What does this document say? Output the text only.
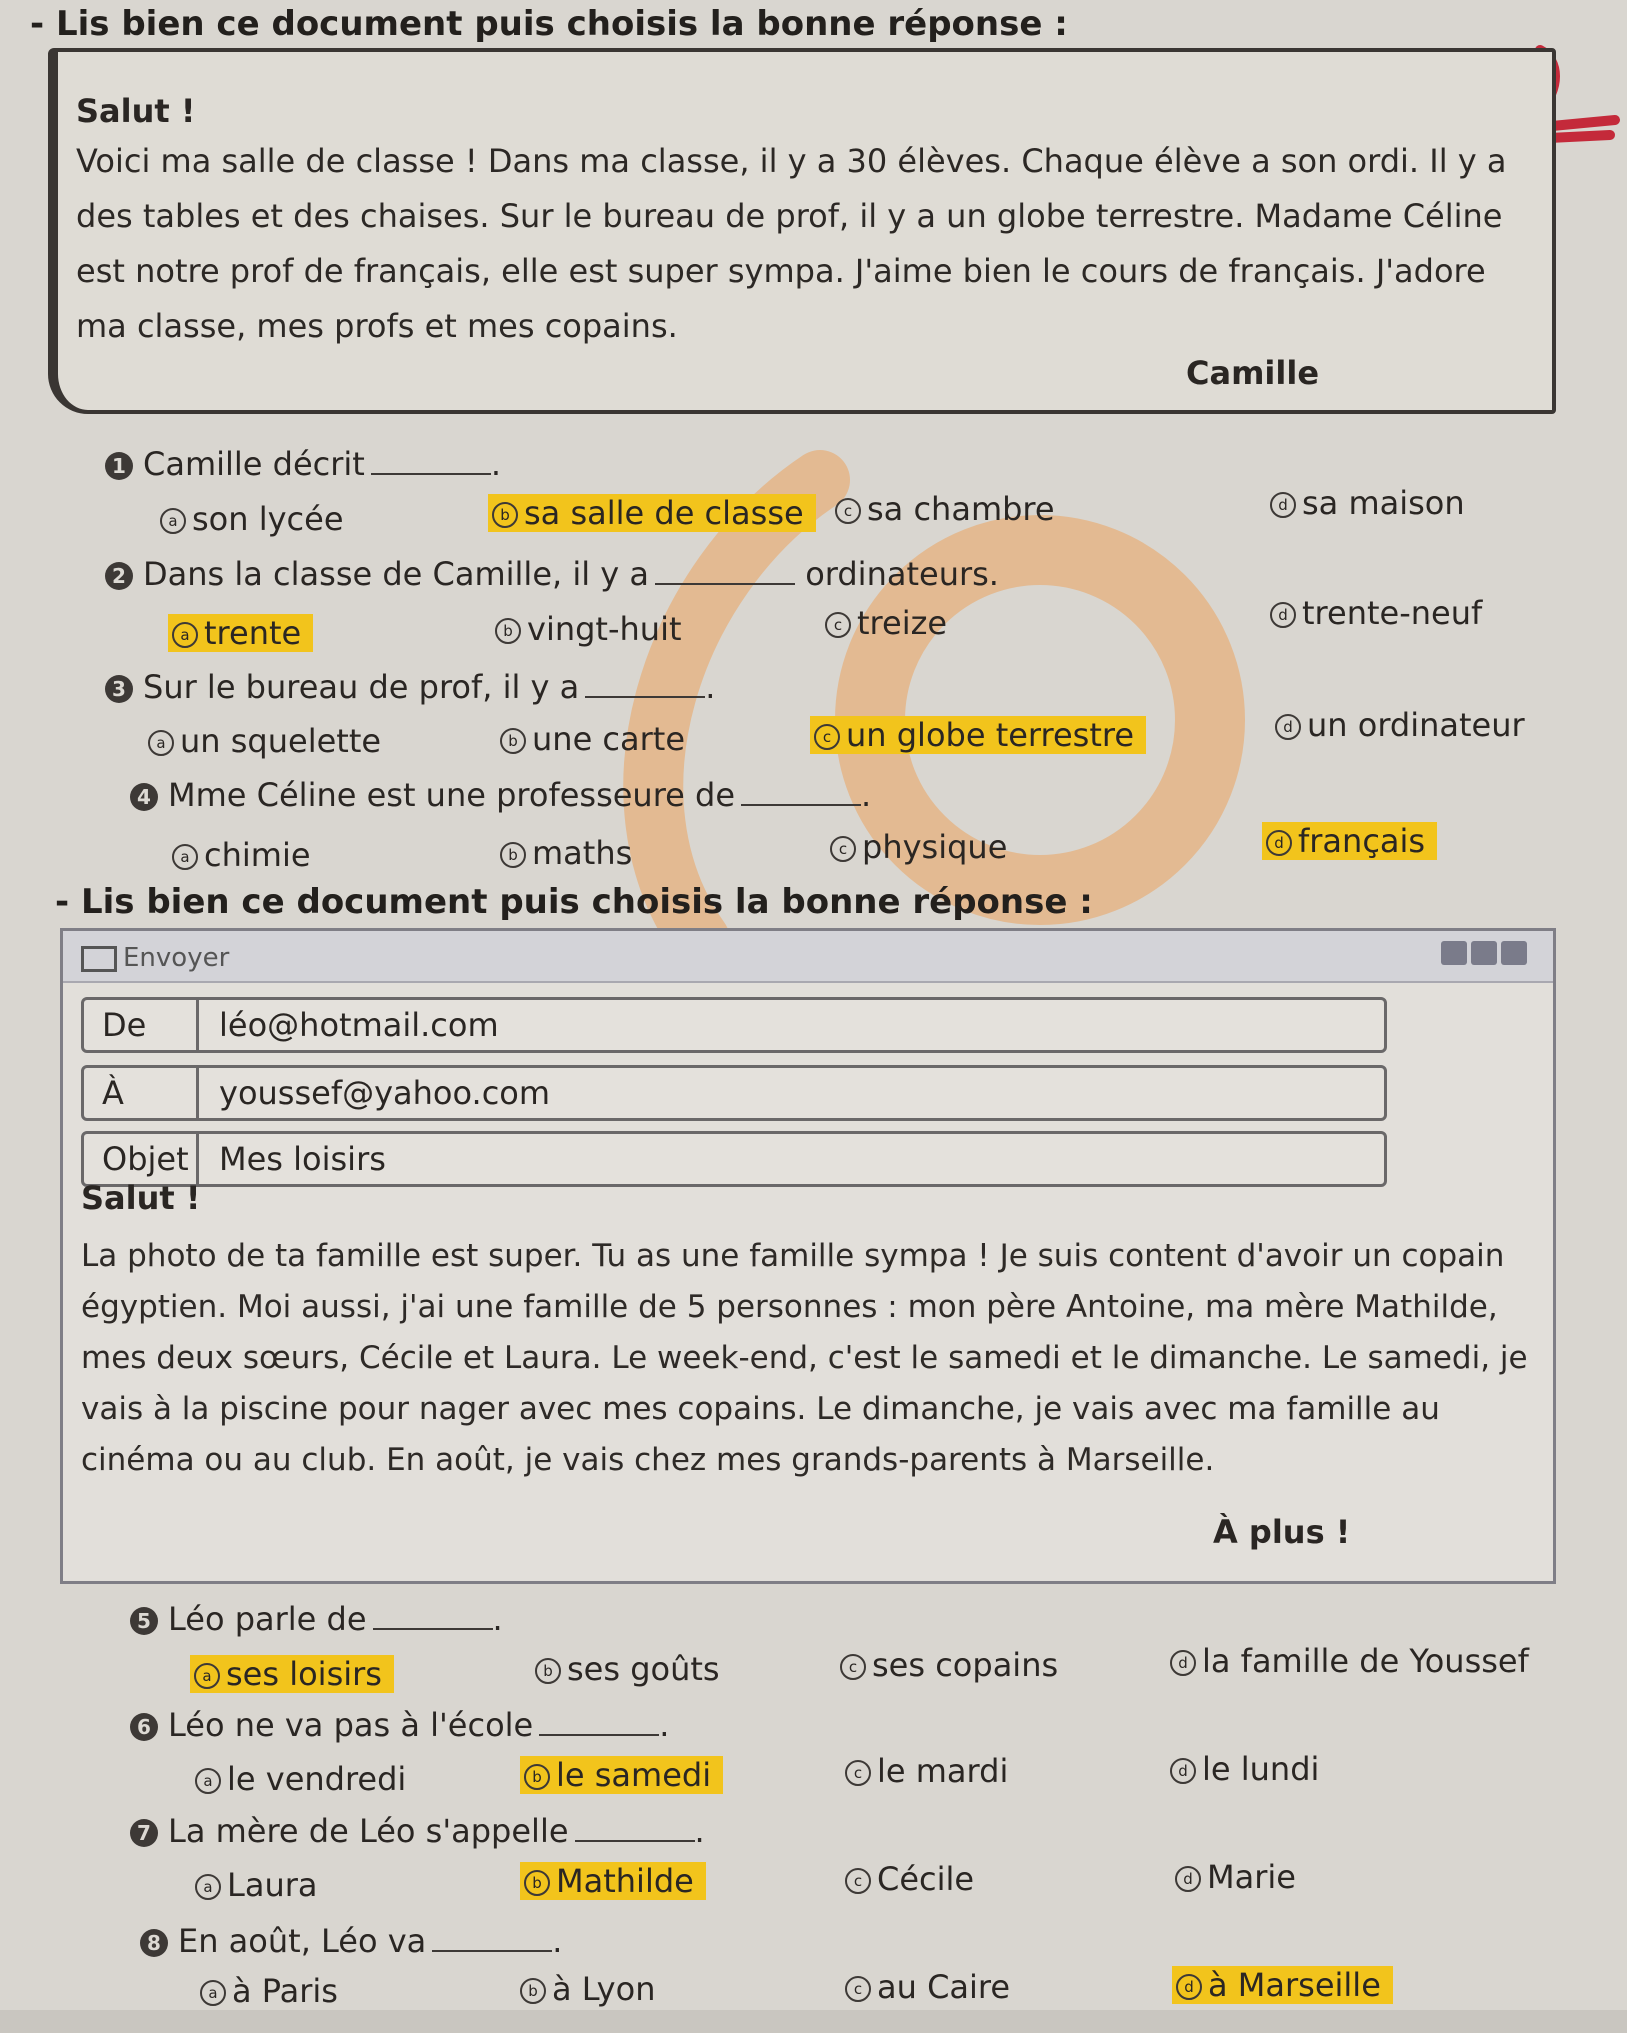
- Lis bien ce document puis choisis la bonne réponse :
Salut !
Voici ma salle de classe ! Dans ma classe, il y a 30 élèves. Chaque élève a son ordi. Il y a des tables et des chaises. Sur le bureau de prof, il y a un globe terrestre. Madame Céline est notre prof de français, elle est super sympa. J'aime bien le cours de français. J'adore ma classe, mes profs et mes copains.
Camille
1 Camille décrit	.
a son lycée	b sa salle de classe	c sa chambre	d sa maison
2 Dans la classe de Camille, il y a	ordinateurs.
a trente	b vingt-huit	c treize	d trente-neuf
3 Sur le bureau de prof, il y a	.
a un squelette	b une carte	c un globe terrestre	d un ordinateur
4 Mme Céline est une professeure de	.
a chimie	b maths	c physique	d français
- Lis bien ce document puis choisis la bonne réponse :
Envoyer
De	léo@hotmail.com
À	youssef@yahoo.com
Objet Mes loisirs
Salut !
La photo de ta famille est super. Tu as une famille sympa ! Je suis content d'avoir un copain égyptien. Moi aussi, j'ai une famille de 5 personnes : mon père Antoine, ma mère Mathilde, mes deux sœurs, Cécile et Laura. Le week-end, c'est le samedi et le dimanche. Le samedi, je vais à la piscine pour nager avec mes copains. Le dimanche, je vais avec ma famille au cinéma ou au club. En août, je vais chez mes grands-parents à Marseille.
À plus !
5 Léo parle de	.
a ses loisirs	b ses goûts	c ses copains	d la famille de Youssef
6 Léo ne va pas à l'école	.
a le vendredi	b le samedi	c le mardi	d le lundi
7 La mère de Léo s'appelle	.
a Laura	b Mathilde	c Cécile	d Marie
8 En août, Léo va	.
a à Paris	b à Lyon	c au Caire	d à Marseille
